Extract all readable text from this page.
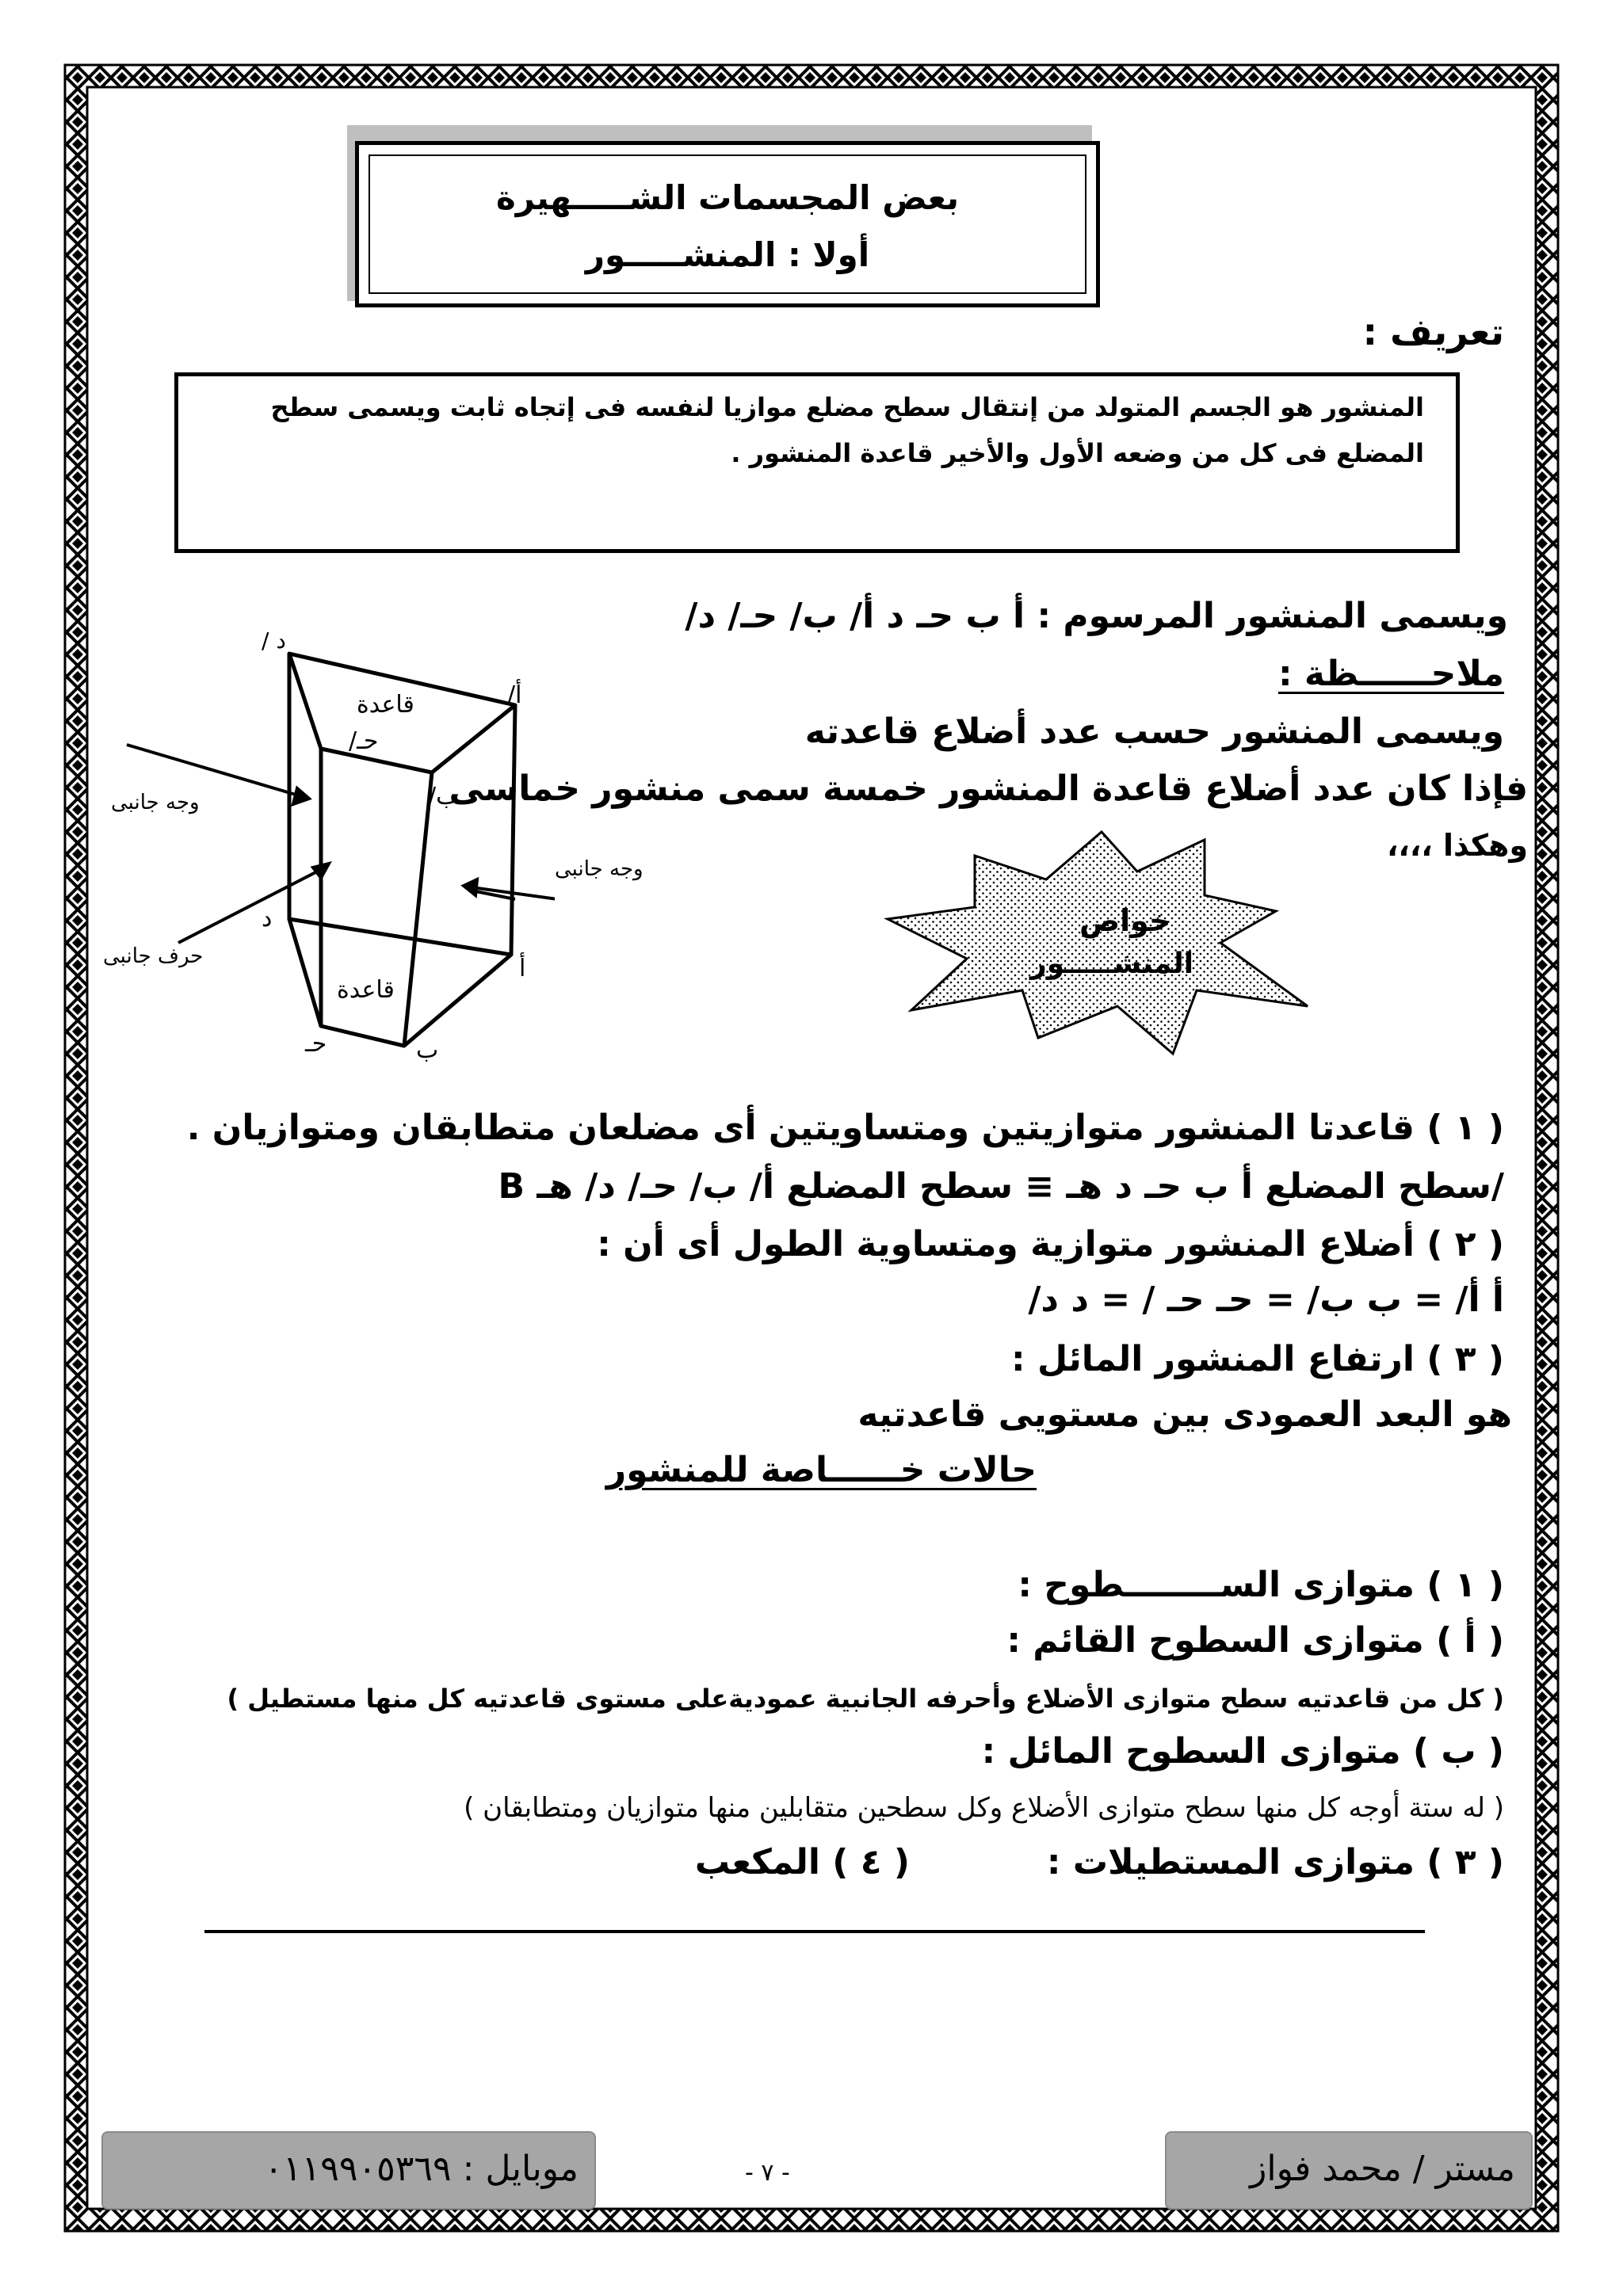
بعض المجسمات الشـــــهيرة
أولا : المنشـــــور
تعريف :
المنشور هو الجسم المتولد من إنتقال سطح مضلع موازيا لنفسه فى إتجاه ثابت ويسمى سطح
المضلع فى كل من وضعه الأول والأخير قاعدة المنشور .
ويسمى المنشور المرسوم : أ ب حـ د أ/ ب/ حـ/ د/
ملاحــــــظة :
ويسمى المنشور حسب عدد أضلاع قاعدته
فإذا كان عدد أضلاع قاعدة المنشور خمسة سمى منشور خماسى
وهكذا ،،،،
خواص
المنشـــــور
د /
أ/
قاعدة
حـ/
ب/
وجه جانبى
وجه جانبى
د
حرف جانبى	أ
قاعدة
حـ	ب
( ١ ) قاعدتا المنشور متوازيتين ومتساويتين أى مضلعان متطابقان ومتوازيان .
B سطح المضلع أ ب حـ د هـ ≡ سطح المضلع أ/ ب/ حـ/ د/ هـ/
( ٢ ) أضلاع المنشور متوازية ومتساوية الطول أى أن :
أ أ/ = ب ب/ = حـ حـ / = د د/
( ٣ ) ارتفاع المنشور المائل :
هو البعد العمودى بين مستويى قاعدتيه
حالات خــــــاصة للمنشور
( ١ ) متوازى الســــــــطوح :
( أ ) متوازى السطوح القائم :
( كل من قاعدتيه سطح متوازى الأضلاع وأحرفه الجانبية عموديةعلى مستوى قاعدتيه كل منها مستطيل )
( ب ) متوازى السطوح المائل :
( له ستة أوجه كل منها سطح متوازى الأضلاع وكل سطحين متقابلين منها متوازيان ومتطابقان )
( ٣ ) متوازى المستطيلات :
( ٤ ) المكعب
مستر / محمد فواز
- ٧ -
موبايل : ٠١١٩٩٠٥٣٦٩
